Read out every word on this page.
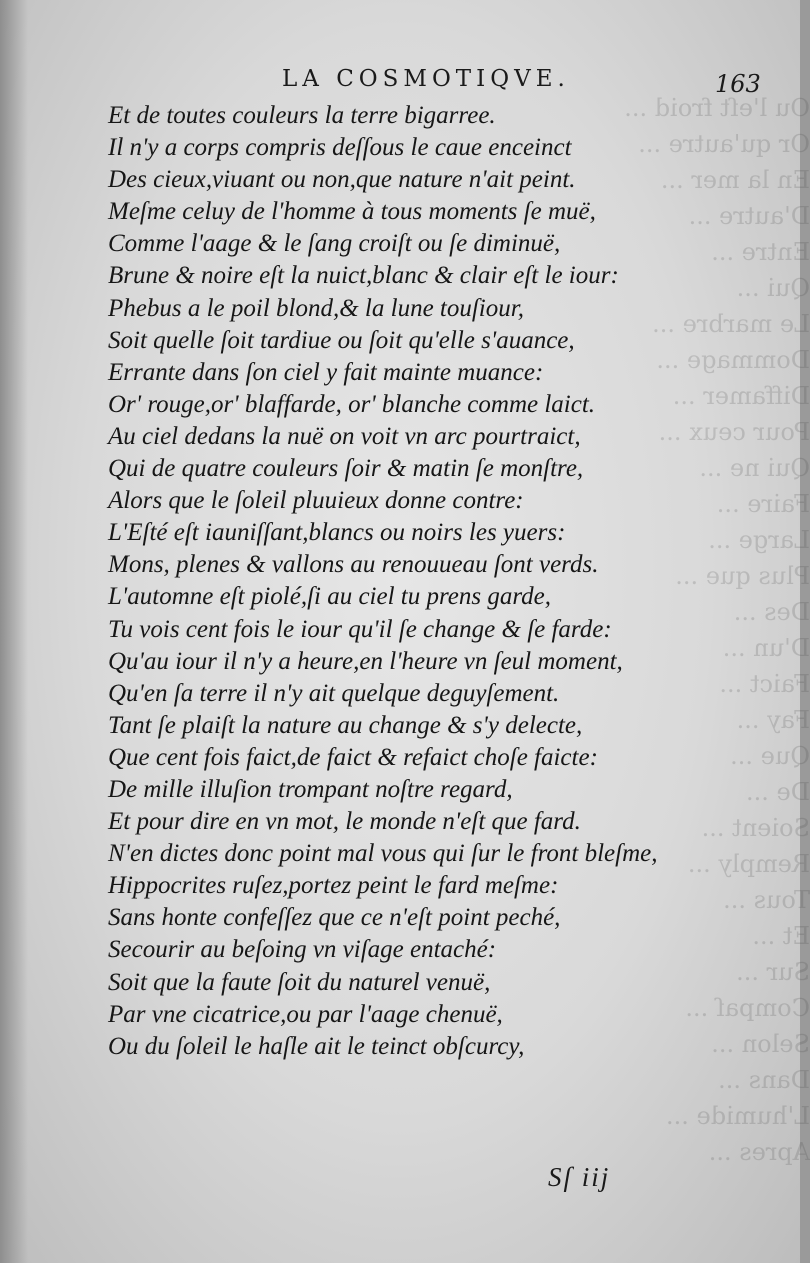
Ou l'eſt froid ...
Or qu'autre ...
En la mer ...
D'autre ...
Entre ...
Qui ...
Le marbre ...
Dommage ...
Diffamer ...
Pour ceux ...
Qui ne ...
Faire ...
Large ...
Plus que ...
Des ...
D'un ...
Faict ...
Fay ...
Que ...
De ...
Soient ...
Remply ...
Tous ...
Et ...
Sur ...
Compaſ ...
Selon ...
Dans ...
L'humide ...
Apres ...
LA COSMOTIQVE.	163
Et de toutes couleurs la terre bigarree.
Il n'y a corps compris deſſous le caue enceinct
Des cieux,viuant ou non,que nature n'ait peint.
Meſme celuy de l'homme à tous moments ſe muë,
Comme l'aage & le ſang croiſt ou ſe diminuë,
Brune & noire eſt la nuict,blanc & clair eſt le iour:
Phebus a le poil blond,& la lune touſiour,
Soit quelle ſoit tardiue ou ſoit qu'elle s'auance,
Errante dans ſon ciel y fait mainte muance:
Or' rouge,or' blaffarde, or' blanche comme laict.
Au ciel dedans la nuë on voit vn arc pourtraict,
Qui de quatre couleurs ſoir & matin ſe monſtre,
Alors que le ſoleil pluuieux donne contre:
L'Eſté eſt iauniſſant,blancs ou noirs les yuers:
Mons, plenes & vallons au renouueau ſont verds.
L'automne eſt piolé,ſi au ciel tu prens garde,
Tu vois cent fois le iour qu'il ſe change & ſe farde:
Qu'au iour il n'y a heure,en l'heure vn ſeul moment,
Qu'en ſa terre il n'y ait quelque deguyſement.
Tant ſe plaiſt la nature au change & s'y delecte,
Que cent fois faict,de faict & refaict choſe faicte:
De mille illuſion trompant noſtre regard,
Et pour dire en vn mot, le monde n'eſt que fard.
N'en dictes donc point mal vous qui ſur le front bleſme,
Hippocrites ruſez,portez peint le fard meſme:
Sans honte confeſſez que ce n'eſt point peché,
Secourir au beſoing vn viſage entaché:
Soit que la faute ſoit du naturel venuë,
Par vne cicatrice,ou par l'aage chenuë,
Ou du ſoleil le haſle ait le teinct obſcurcy,
Sſ iij
